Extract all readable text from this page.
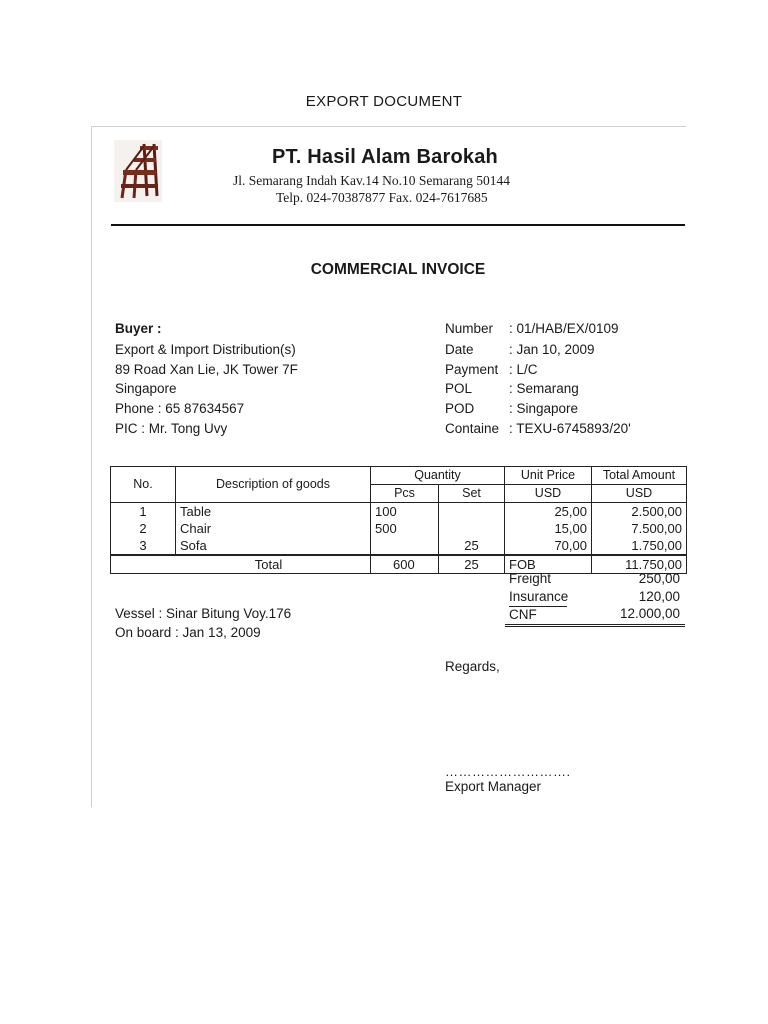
EXPORT DOCUMENT
PT. Hasil Alam Barokah
Jl. Semarang Indah Kav.14 No.10 Semarang 50144
Telp. 024-70387877 Fax. 024-7617685
COMMERCIAL INVOICE
Buyer :
Export & Import Distribution(s)
89 Road Xan Lie, JK Tower 7F
Singapore
Phone : 65 87634567
PIC : Mr. Tong Uvy
Number : 01/HAB/EX/0109
Date	: Jan 10, 2009
Payment : L/C
POL	: Semarang
POD	: Singapore
Containe : TEXU-6745893/20'
No.	Description of goods	Quantity		Unit Price	Total Amount
		Pcs	Set	USD	USD
1	Table	100		25,00	2.500,00
2	Chair	500		15,00	7.500,00
3	Sofa		25	70,00	1.750,00
Total		600	25	FOB	11.750,00
Freight	250,00
Insurance	120,00
CNF	12.000,00
Vessel : Sinar Bitung Voy.176
On board : Jan 13, 2009
Regards,
……………………….
Export Manager
